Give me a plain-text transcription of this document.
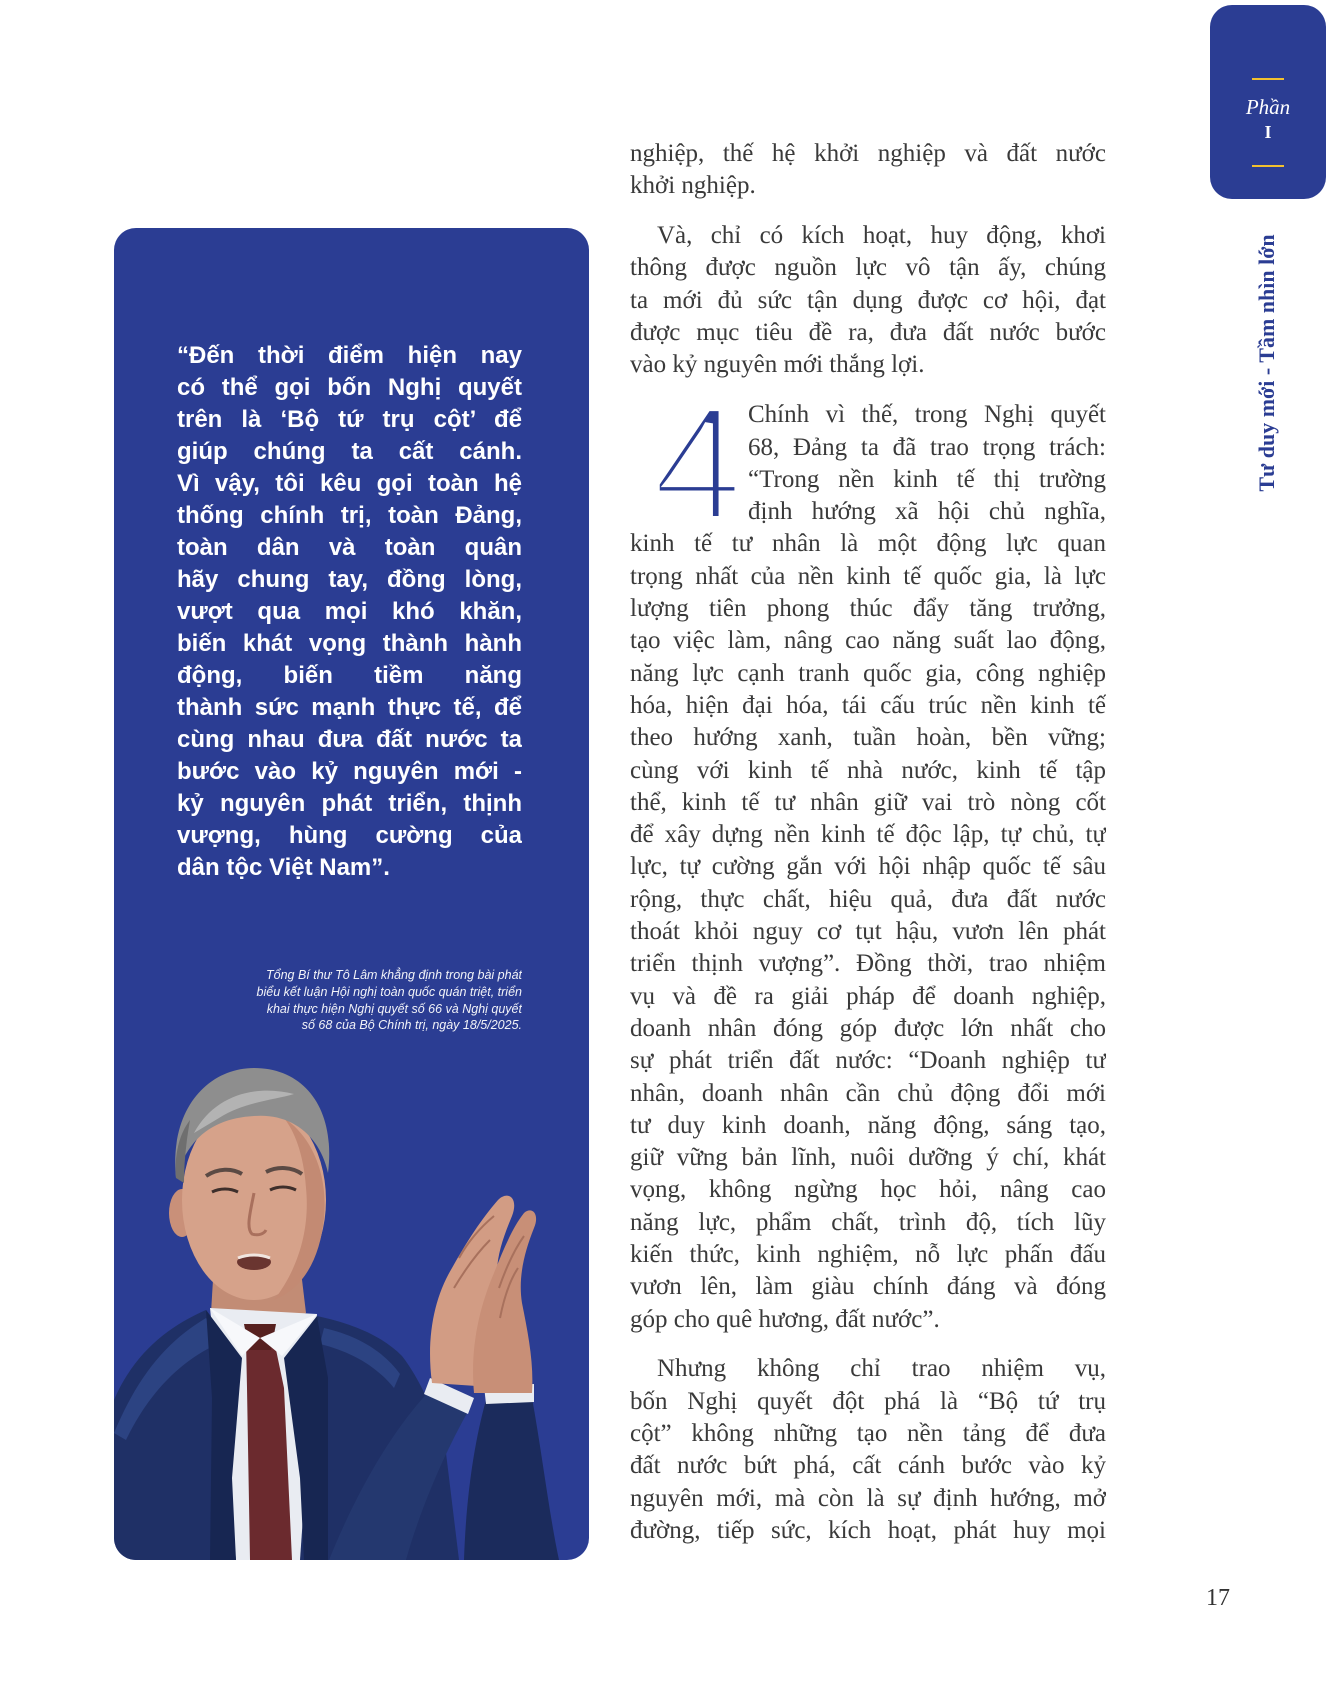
Phần
I
Tư duy mới - Tầm nhìn lớn
“Đến thời điểm hiện nay
có thể gọi bốn Nghị quyết
trên là ‘Bộ tứ trụ cột’ để
giúp chúng ta cất cánh.
Vì vậy, tôi kêu gọi toàn hệ
thống chính trị, toàn Đảng,
toàn dân và toàn quân
hãy chung tay, đồng lòng,
vượt qua mọi khó khăn,
biến khát vọng thành hành
động, biến tiềm năng
thành sức mạnh thực tế, để
cùng nhau đưa đất nước ta
bước vào kỷ nguyên mới -
kỷ nguyên phát triển, thịnh
vượng, hùng cường của
dân tộc Việt Nam”.
Tổng Bí thư Tô Lâm khẳng định trong bài phát
biểu kết luận Hội nghị toàn quốc quán triệt, triển
khai thực hiện Nghị quyết số 66 và Nghị quyết
số 68 của Bộ Chính trị, ngày 18/5/2025.
nghiệp, thế hệ khởi nghiệp và đất nước
khởi nghiệp.
Và, chỉ có kích hoạt, huy động, khơi
thông được nguồn lực vô tận ấy, chúng
ta mới đủ sức tận dụng được cơ hội, đạt
được mục tiêu đề ra, đưa đất nước bước
vào kỷ nguyên mới thắng lợi.
4 Chính vì thế, trong Nghị quyết
68, Đảng ta đã trao trọng trách:
“Trong nền kinh tế thị trường
định hướng xã hội chủ nghĩa,
kinh tế tư nhân là một động lực quan
trọng nhất của nền kinh tế quốc gia, là lực
lượng tiên phong thúc đẩy tăng trưởng,
tạo việc làm, nâng cao năng suất lao động,
năng lực cạnh tranh quốc gia, công nghiệp
hóa, hiện đại hóa, tái cấu trúc nền kinh tế
theo hướng xanh, tuần hoàn, bền vững;
cùng với kinh tế nhà nước, kinh tế tập
thể, kinh tế tư nhân giữ vai trò nòng cốt
để xây dựng nền kinh tế độc lập, tự chủ, tự
lực, tự cường gắn với hội nhập quốc tế sâu
rộng, thực chất, hiệu quả, đưa đất nước
thoát khỏi nguy cơ tụt hậu, vươn lên phát
triển thịnh vượng”. Đồng thời, trao nhiệm
vụ và đề ra giải pháp để doanh nghiệp,
doanh nhân đóng góp được lớn nhất cho
sự phát triển đất nước: “Doanh nghiệp tư
nhân, doanh nhân cần chủ động đổi mới
tư duy kinh doanh, năng động, sáng tạo,
giữ vững bản lĩnh, nuôi dưỡng ý chí, khát
vọng, không ngừng học hỏi, nâng cao
năng lực, phẩm chất, trình độ, tích lũy
kiến thức, kinh nghiệm, nỗ lực phấn đấu
vươn lên, làm giàu chính đáng và đóng
góp cho quê hương, đất nước”.
Nhưng không chỉ trao nhiệm vụ,
bốn Nghị quyết đột phá là “Bộ tứ trụ
cột” không những tạo nền tảng để đưa
đất nước bứt phá, cất cánh bước vào kỷ
nguyên mới, mà còn là sự định hướng, mở
đường, tiếp sức, kích hoạt, phát huy mọi
17
